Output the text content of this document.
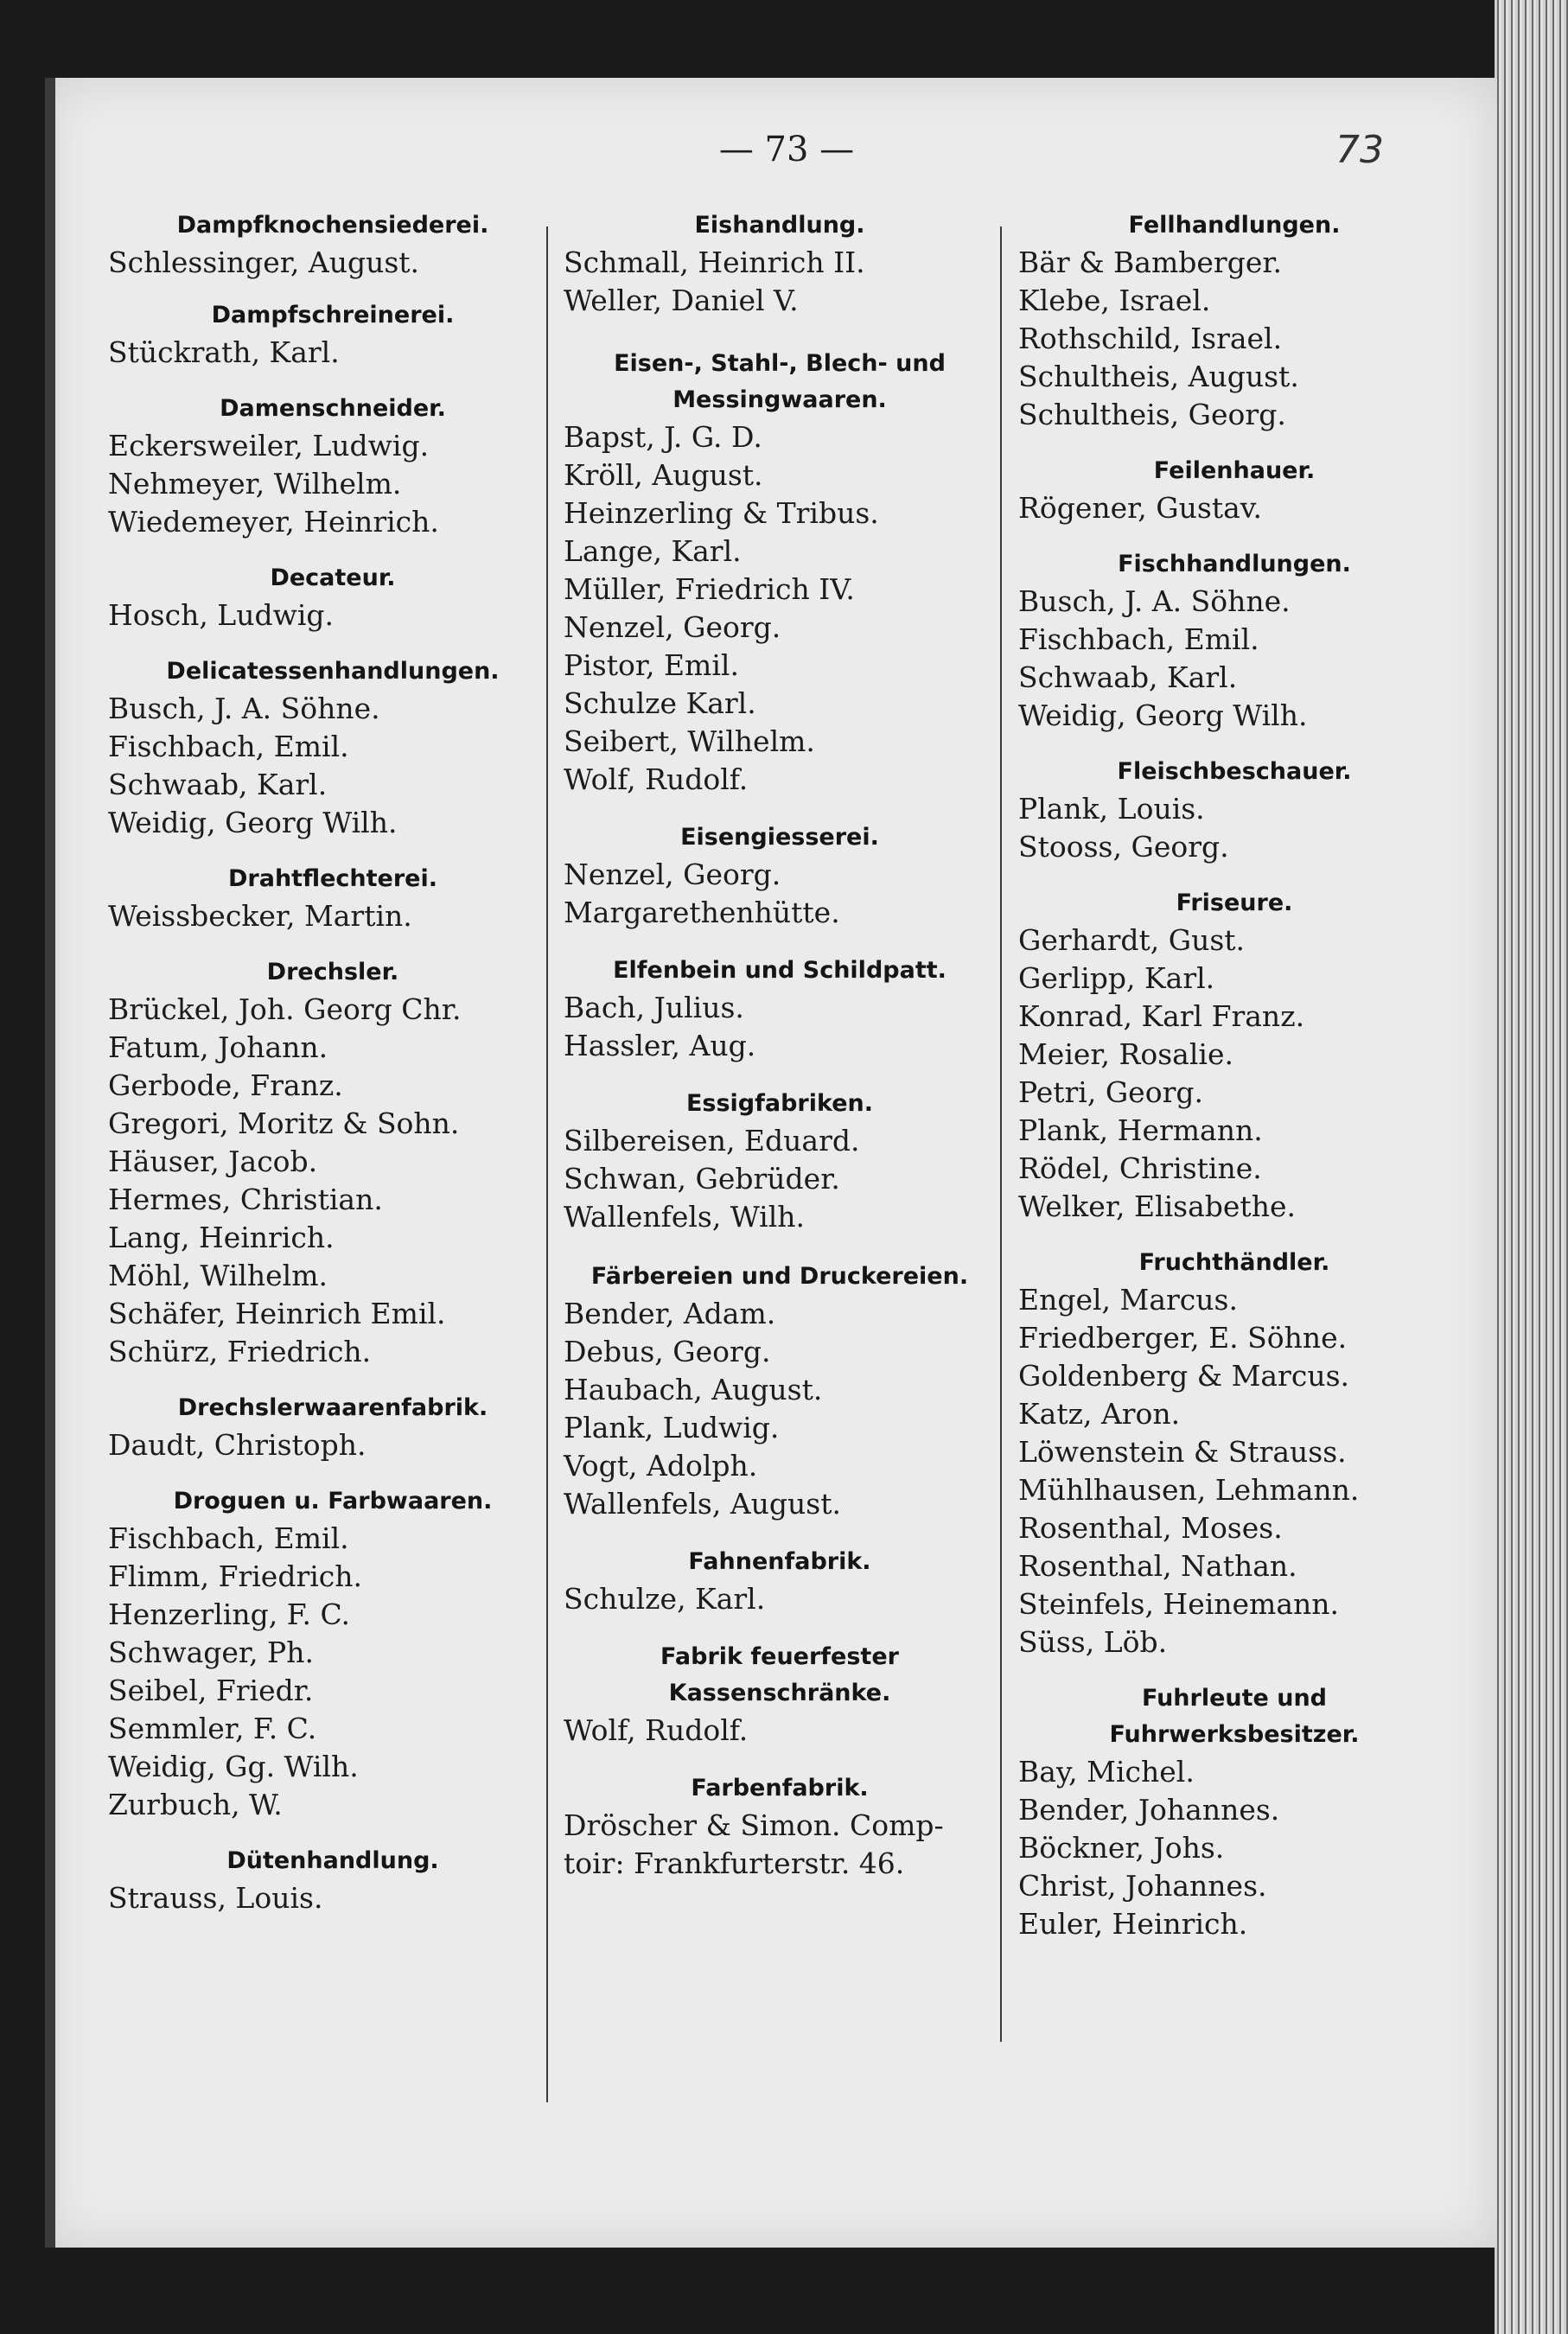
— 73 —	73
Dampfknochensiederei.
Schlessinger, August.
Dampfschreinerei.
Stückrath, Karl.
Damenschneider.
Eckersweiler, Ludwig.
Nehmeyer, Wilhelm.
Wiedemeyer, Heinrich.
Decateur.
Hosch, Ludwig.
Delicatessenhandlungen.
Busch, J. A. Söhne.
Fischbach, Emil.
Schwaab, Karl.
Weidig, Georg Wilh.
Drahtflechterei.
Weissbecker, Martin.
Drechsler.
Brückel, Joh. Georg Chr.
Fatum, Johann.
Gerbode, Franz.
Gregori, Moritz & Sohn.
Häuser, Jacob.
Hermes, Christian.
Lang, Heinrich.
Möhl, Wilhelm.
Schäfer, Heinrich Emil.
Schürz, Friedrich.
Drechslerwaarenfabrik.
Daudt, Christoph.
Droguen u. Farbwaaren.
Fischbach, Emil.
Flimm, Friedrich.
Henzerling, F. C.
Schwager, Ph.
Seibel, Friedr.
Semmler, F. C.
Weidig, Gg. Wilh.
Zurbuch, W.
Dütenhandlung.
Strauss, Louis.
Eishandlung.
Schmall, Heinrich II.
Weller, Daniel V.
Eisen-, Stahl-, Blech- und Messingwaaren.
Bapst, J. G. D.
Kröll, August.
Heinzerling & Tribus.
Lange, Karl.
Müller, Friedrich IV.
Nenzel, Georg.
Pistor, Emil.
Schulze Karl.
Seibert, Wilhelm.
Wolf, Rudolf.
Eisengiesserei.
Nenzel, Georg.
Margarethenhütte.
Elfenbein und Schildpatt.
Bach, Julius.
Hassler, Aug.
Essigfabriken.
Silbereisen, Eduard.
Schwan, Gebrüder.
Wallenfels, Wilh.
Färbereien und Druckereien.
Bender, Adam.
Debus, Georg.
Haubach, August.
Plank, Ludwig.
Vogt, Adolph.
Wallenfels, August.
Fahnenfabrik.
Schulze, Karl.
Fabrik feuerfester Kassenschränke.
Wolf, Rudolf.
Farbenfabrik.
Dröscher & Simon. Comp-
toir: Frankfurterstr. 46.
Fellhandlungen.
Bär & Bamberger.
Klebe, Israel.
Rothschild, Israel.
Schultheis, August.
Schultheis, Georg.
Feilenhauer.
Rögener, Gustav.
Fischhandlungen.
Busch, J. A. Söhne.
Fischbach, Emil.
Schwaab, Karl.
Weidig, Georg Wilh.
Fleischbeschauer.
Plank, Louis.
Stooss, Georg.
Friseure.
Gerhardt, Gust.
Gerlipp, Karl.
Konrad, Karl Franz.
Meier, Rosalie.
Petri, Georg.
Plank, Hermann.
Rödel, Christine.
Welker, Elisabethe.
Fruchthändler.
Engel, Marcus.
Friedberger, E. Söhne.
Goldenberg & Marcus.
Katz, Aron.
Löwenstein & Strauss.
Mühlhausen, Lehmann.
Rosenthal, Moses.
Rosenthal, Nathan.
Steinfels, Heinemann.
Süss, Löb.
Fuhrleute und Fuhrwerksbesitzer.
Bay, Michel.
Bender, Johannes.
Böckner, Johs.
Christ, Johannes.
Euler, Heinrich.
